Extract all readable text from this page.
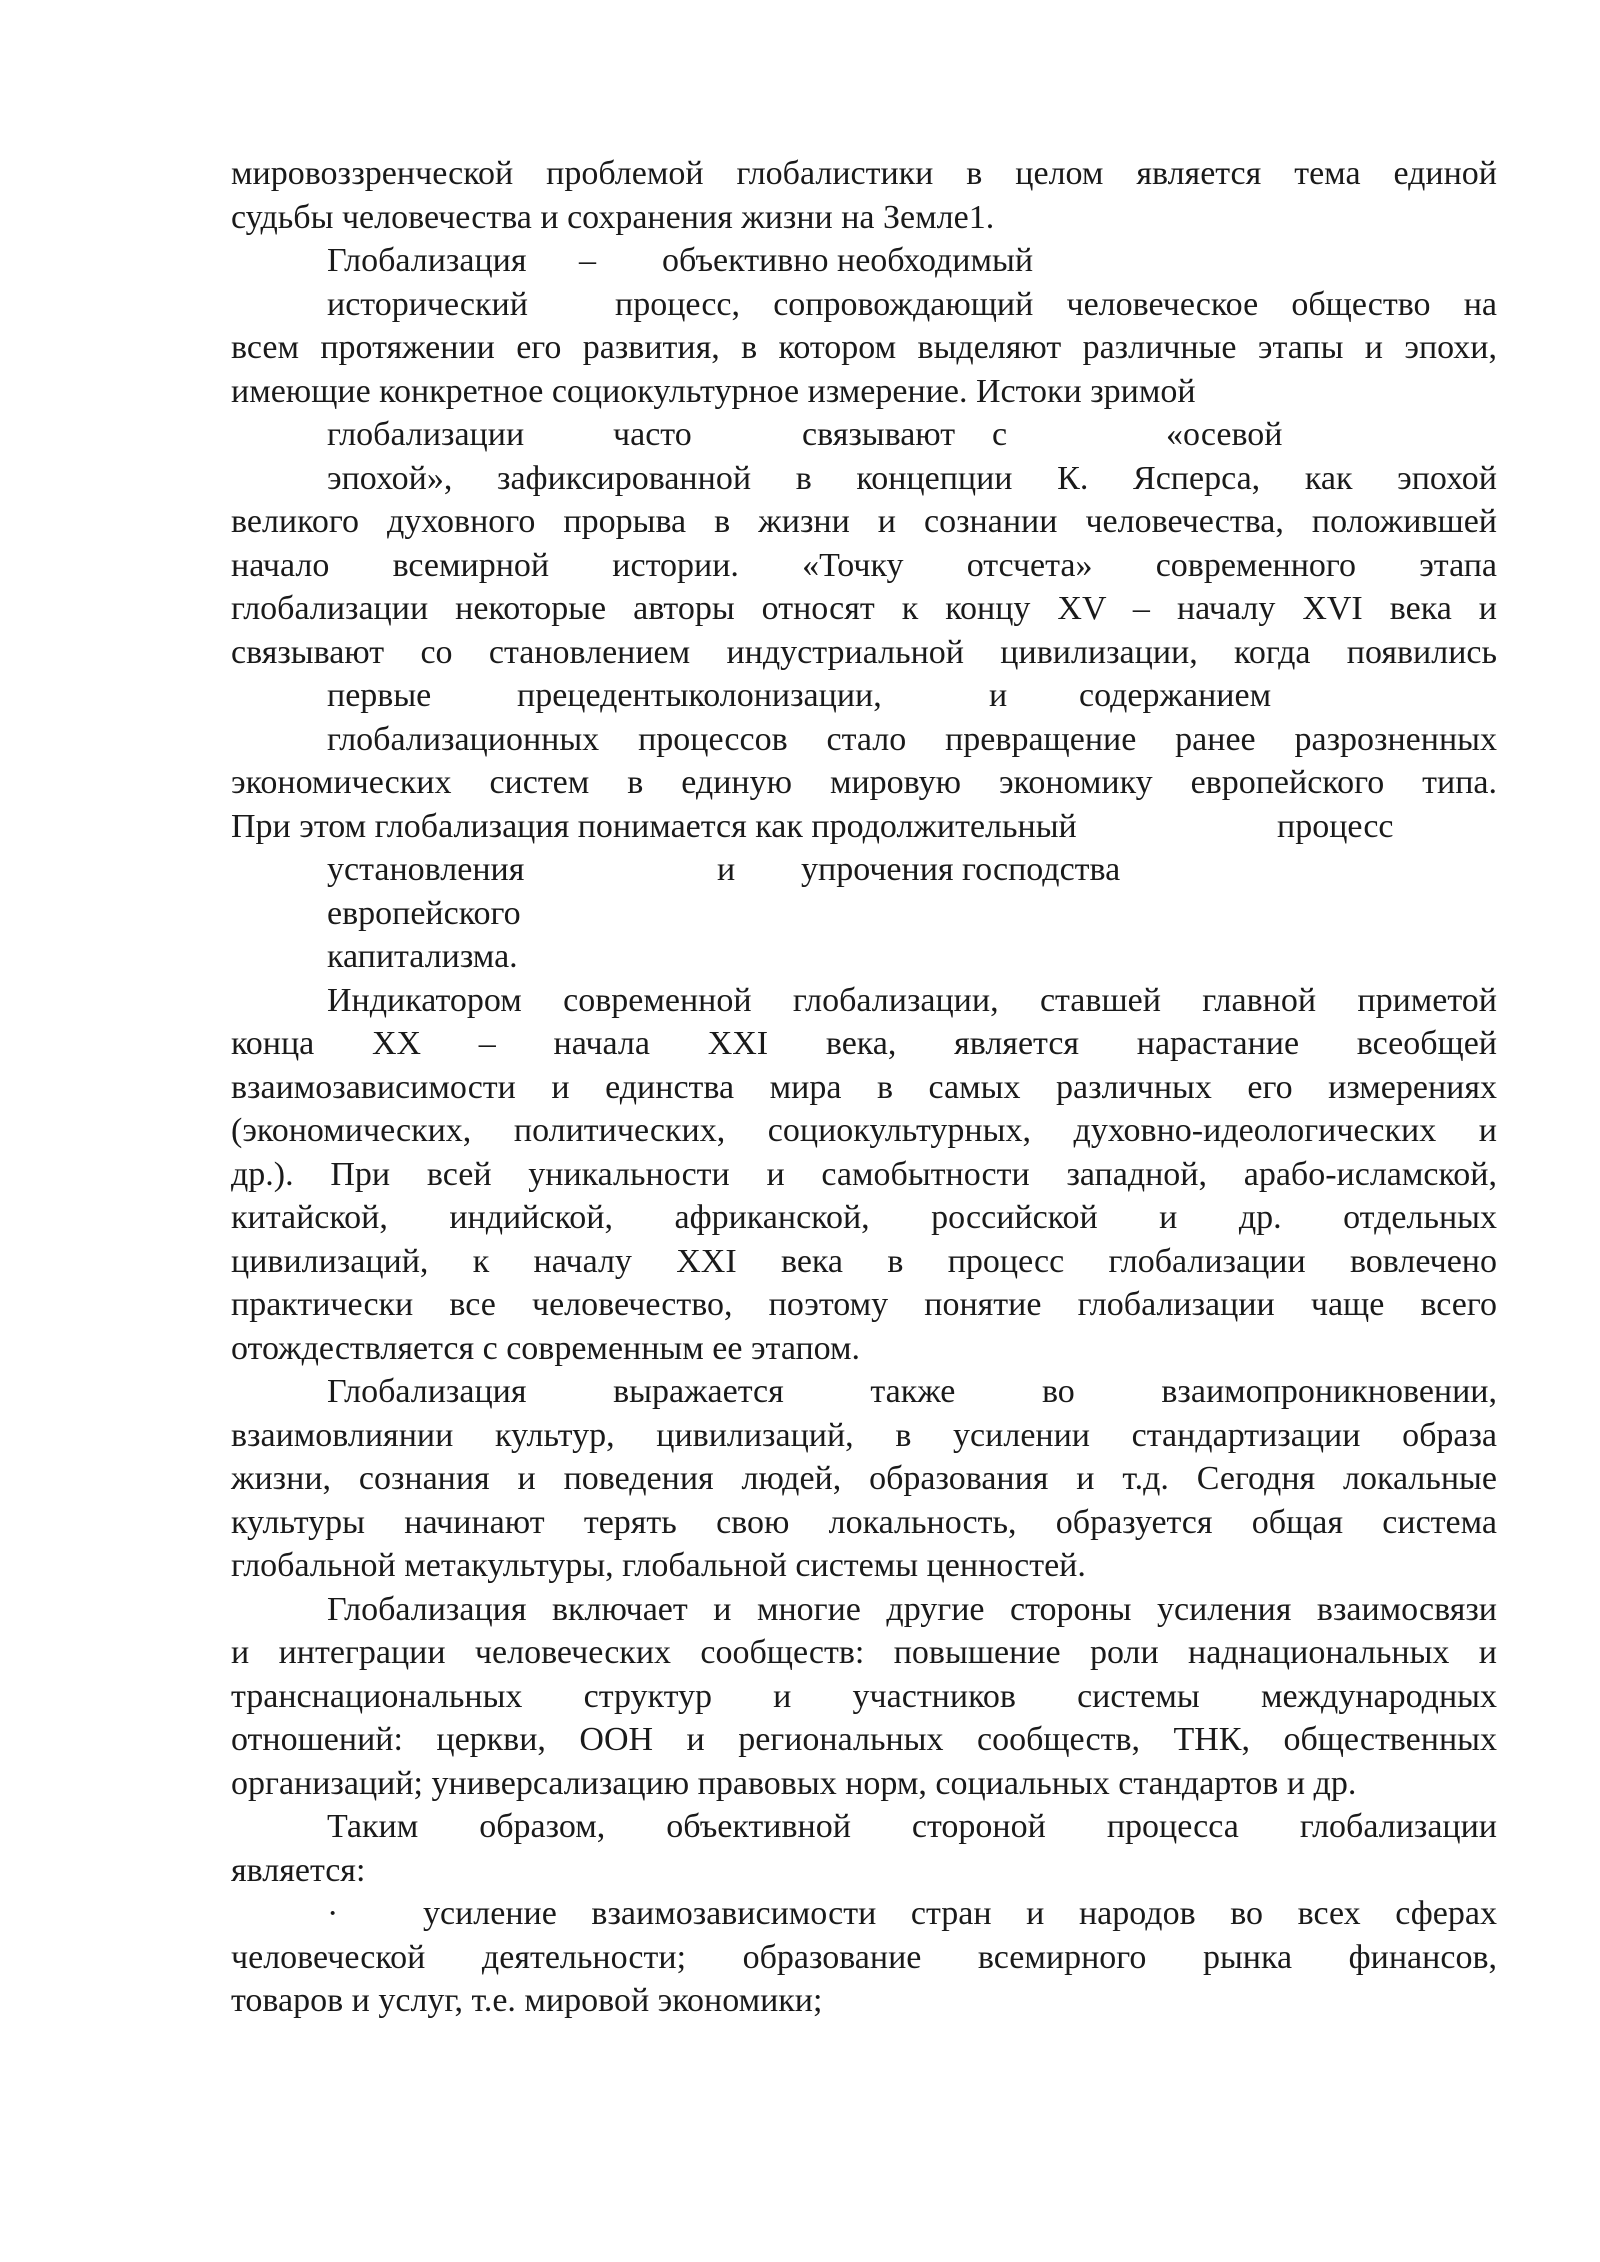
мировоззренческой проблемой глобалистики в целом является тема единой
судьбы человечества и сохранения жизни на Земле1.
Глобализация – объективно необходимый
исторический	процесс, сопровождающий человеческое общество на
всем протяжении его развития, в котором выделяют различные этапы и эпохи,
имеющие конкретное социокультурное измерение. Истоки зримой
глобализации	часто	связывают с	«осевой
эпохой», зафиксированной в концепции К. Ясперса, как эпохой
великого духовного прорыва в жизни и сознании человечества, положившей
начало всемирной истории. «Точку отсчета» современного этапа
глобализации некоторые авторы относят к концу XV – началу XVI века и
связывают со становлением индустриальной цивилизации, когда появились
первые	прецедентыколонизации,	и содержанием
глобализационных процессов стало превращение ранее разрозненных
экономических систем в единую мировую экономику европейского типа.
При этом глобализация понимается как продолжительный	процесс
установления	и упрочения господства
европейского
капитализма.
Индикатором современной глобализации, ставшей главной приметой
конца XX – начала XXI века, является нарастание всеобщей
взаимозависимости и единства мира в самых различных его измерениях
(экономических, политических, социокультурных, духовно-идеологических и
др.). При всей уникальности и самобытности западной, арабо-исламской,
китайской, индийской, африканской, российской и др. отдельных
цивилизаций, к началу XXI века в процесс глобализации вовлечено
практически все человечество, поэтому понятие глобализации чаще всего
отождествляется с современным ее этапом.
Глобализация выражается также во взаимопроникновении,
взаимовлиянии культур, цивилизаций, в усилении стандартизации образа
жизни, сознания и поведения людей, образования и т.д. Сегодня локальные
культуры начинают терять свою локальность, образуется общая система
глобальной метакультуры, глобальной системы ценностей.
Глобализация включает и многие другие стороны усиления взаимосвязи
и интеграции человеческих сообществ: повышение роли наднациональных и
транснациональных структур и участников системы международных
отношений: церкви, ООН и региональных сообществ, ТНК, общественных
организаций; универсализацию правовых норм, социальных стандартов и др.
Таким образом, объективной стороной процесса глобализации
является:
·	усиление взаимозависимости стран и народов во всех сферах
человеческой деятельности; образование всемирного рынка финансов,
товаров и услуг, т.е. мировой экономики;
